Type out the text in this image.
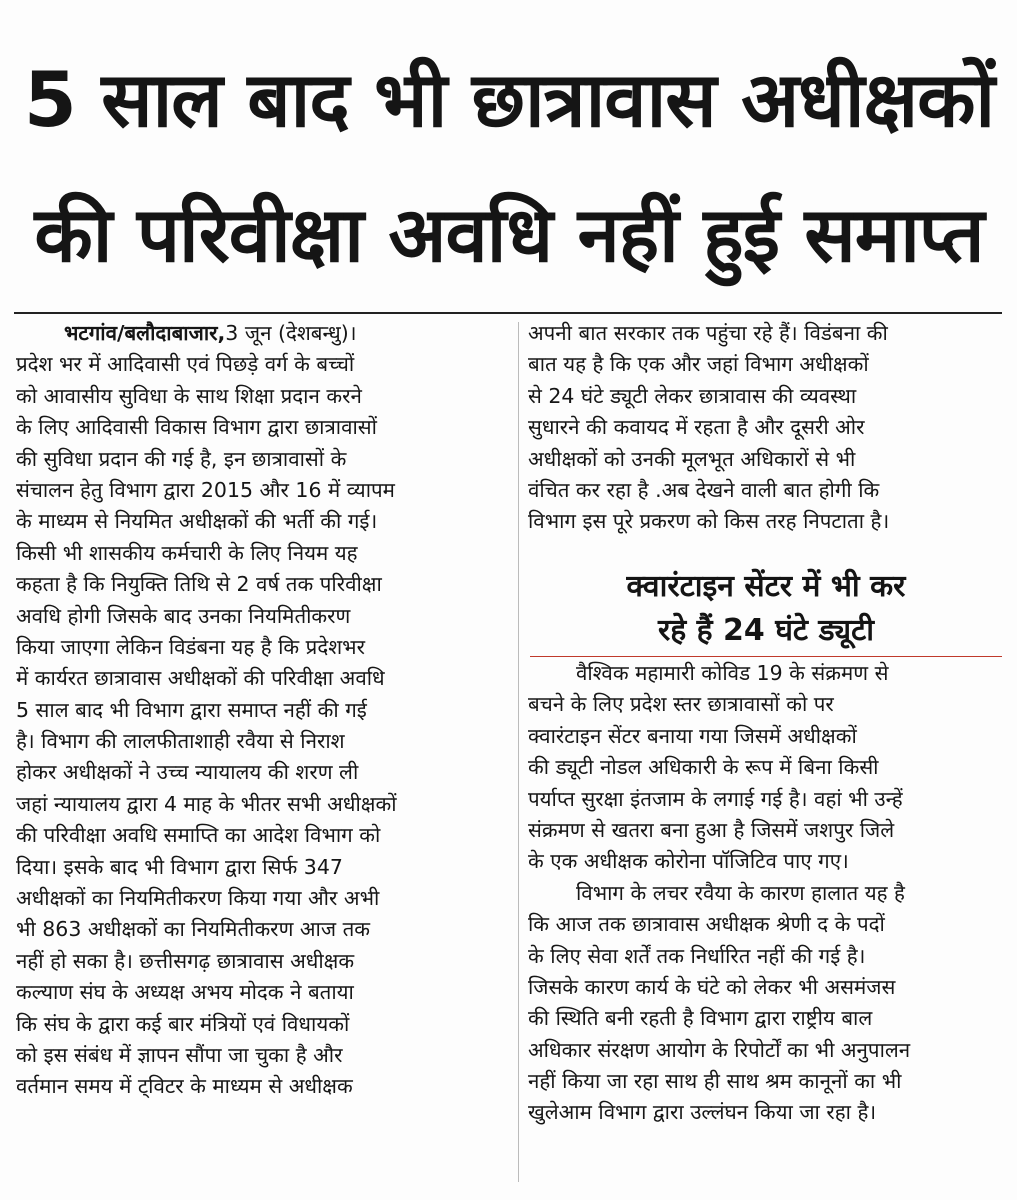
5 साल बाद भी छात्रावास अधीक्षकों
की परिवीक्षा अवधि नहीं हुई समाप्त
भटगांव/बलौदाबाजार,3 जून (देशबन्धु)।
प्रदेश भर में आदिवासी एवं पिछड़े वर्ग के बच्चों
को आवासीय सुविधा के साथ शिक्षा प्रदान करने
के लिए आदिवासी विकास विभाग द्वारा छात्रावासों
की सुविधा प्रदान की गई है, इन छात्रावासों के
संचालन हेतु विभाग द्वारा 2015 और 16 में व्यापम
के माध्यम से नियमित अधीक्षकों की भर्ती की गई।
किसी भी शासकीय कर्मचारी के लिए नियम यह
कहता है कि नियुक्ति तिथि से 2 वर्ष तक परिवीक्षा
अवधि होगी जिसके बाद उनका नियमितीकरण
किया जाएगा लेकिन विडंबना यह है कि प्रदेशभर
में कार्यरत छात्रावास अधीक्षकों की परिवीक्षा अवधि
5 साल बाद भी विभाग द्वारा समाप्त नहीं की गई
है। विभाग की लालफीताशाही रवैया से निराश
होकर अधीक्षकों ने उच्च न्यायालय की शरण ली
जहां न्यायालय द्वारा 4 माह के भीतर सभी अधीक्षकों
की परिवीक्षा अवधि समाप्ति का आदेश विभाग को
दिया। इसके बाद भी विभाग द्वारा सिर्फ 347
अधीक्षकों का नियमितीकरण किया गया और अभी
भी 863 अधीक्षकों का नियमितीकरण आज तक
नहीं हो सका है। छत्तीसगढ़ छात्रावास अधीक्षक
कल्याण संघ के अध्यक्ष अभय मोदक ने बताया
कि संघ के द्वारा कई बार मंत्रियों एवं विधायकों
को इस संबंध में ज्ञापन सौंपा जा चुका है और
वर्तमान समय में ट्विटर के माध्यम से अधीक्षक
अपनी बात सरकार तक पहुंचा रहे हैं। विडंबना की
बात यह है कि एक और जहां विभाग अधीक्षकों
से 24 घंटे ड्यूटी लेकर छात्रावास की व्यवस्था
सुधारने की कवायद में रहता है और दूसरी ओर
अधीक्षकों को उनकी मूलभूत अधिकारों से भी
वंचित कर रहा है .अब देखने वाली बात होगी कि
विभाग इस पूरे प्रकरण को किस तरह निपटाता है।
क्वारंटाइन सेंटर में भी कर
रहे हैं 24 घंटे ड्यूटी
वैश्विक महामारी कोविड 19 के संक्रमण से
बचने के लिए प्रदेश स्तर छात्रावासों को पर
क्वारंटाइन सेंटर बनाया गया जिसमें अधीक्षकों
की ड्यूटी नोडल अधिकारी के रूप में बिना किसी
पर्याप्त सुरक्षा इंतजाम के लगाई गई है। वहां भी उन्हें
संक्रमण से खतरा बना हुआ है जिसमें जशपुर जिले
के एक अधीक्षक कोरोना पॉजिटिव पाए गए।
विभाग के लचर रवैया के कारण हालात यह है
कि आज तक छात्रावास अधीक्षक श्रेणी द के पदों
के लिए सेवा शर्तें तक निर्धारित नहीं की गई है।
जिसके कारण कार्य के घंटे को लेकर भी असमंजस
की स्थिति बनी रहती है विभाग द्वारा राष्ट्रीय बाल
अधिकार संरक्षण आयोग के रिपोर्टों का भी अनुपालन
नहीं किया जा रहा साथ ही साथ श्रम कानूनों का भी
खुलेआम विभाग द्वारा उल्लंघन किया जा रहा है।
